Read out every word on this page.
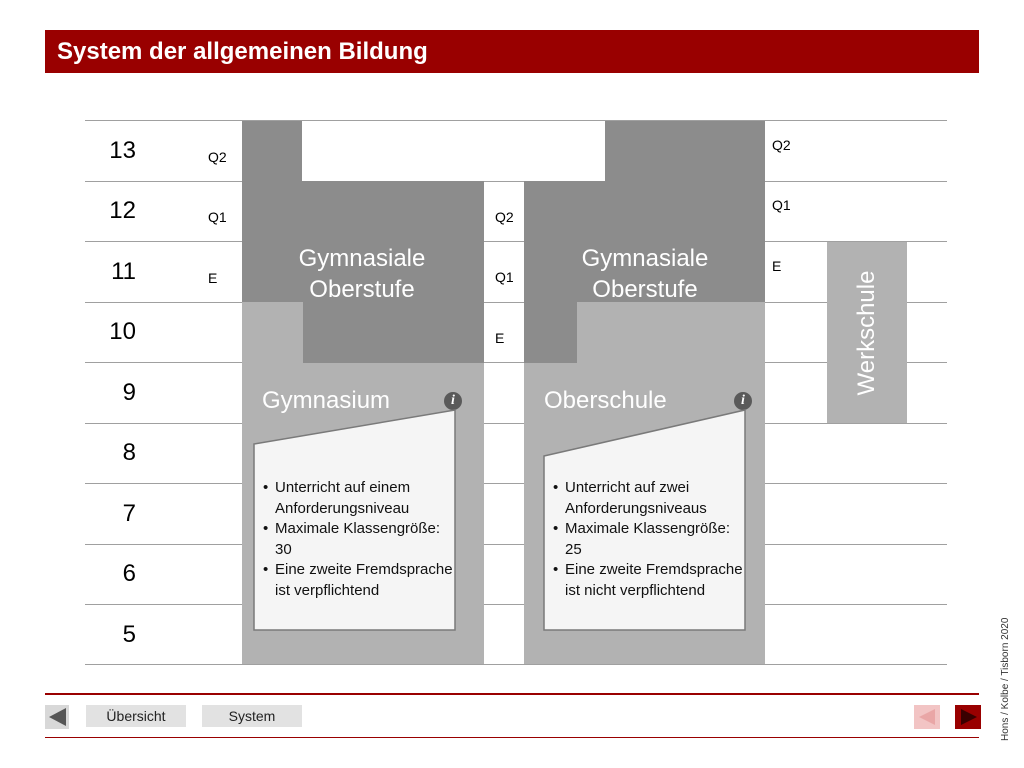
System der allgemeinen Bildung
Werkschule
13
12
11
10
9
8
7
6
5
Q2
Q1
E
Q2
Q1
E
Q2
Q1
E
Gymnasiale
Oberstufe
Gymnasiale
Oberstufe
Gymnasium	i	Oberschule	i
• Unterricht auf einem Anforderungsniveau
• Maximale Klassengröße: 30
• Eine zweite Fremdsprache ist verpflichtend
• Unterricht auf zwei Anforderungsniveaus
• Maximale Klassengröße: 25
• Eine zweite Fremdsprache ist nicht verpflichtend
Übersicht	System	Hons / Kolbe / Tisborn 2020
